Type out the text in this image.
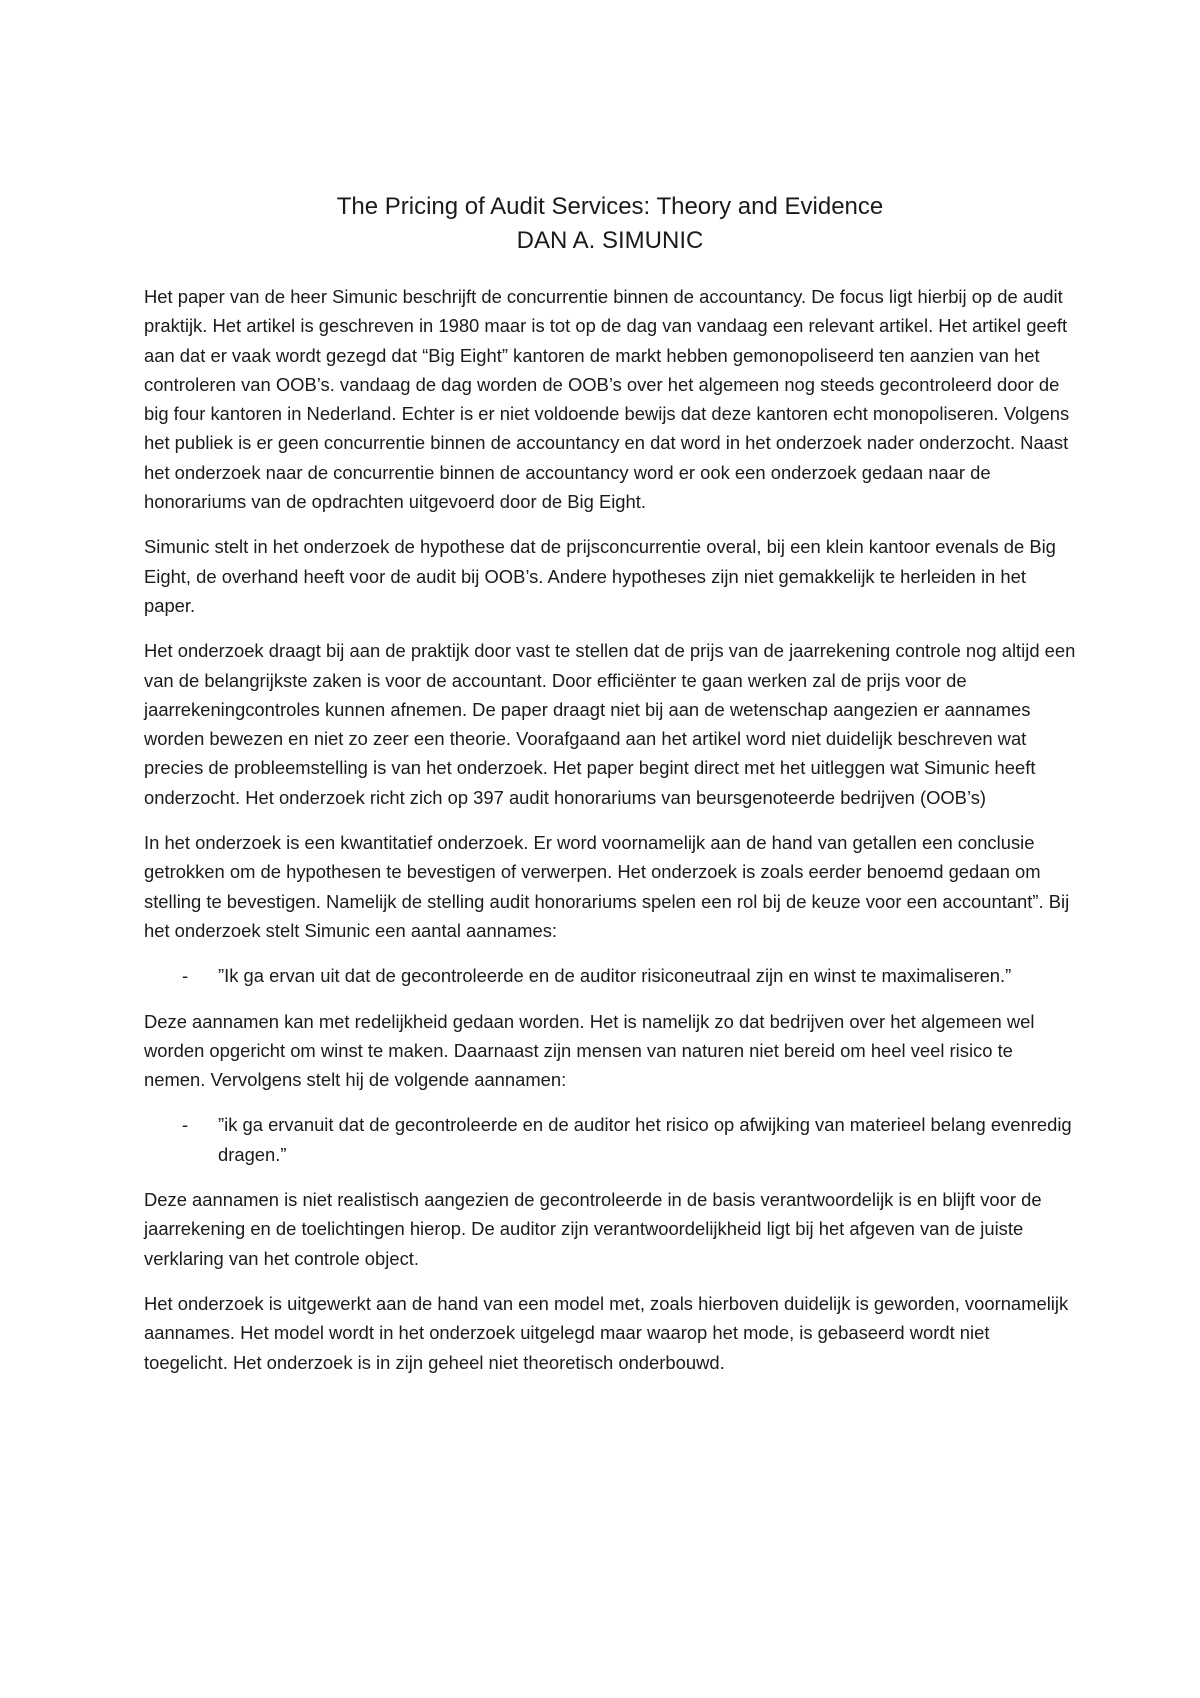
The Pricing of Audit Services: Theory and Evidence
DAN A. SIMUNIC

Het paper van de heer Simunic beschrijft de concurrentie binnen de accountancy. De focus ligt hierbij op de audit praktijk. Het artikel is geschreven in 1980 maar is tot op de dag van vandaag een relevant artikel. Het artikel geeft aan dat er vaak wordt gezegd dat “Big Eight” kantoren de markt hebben gemonopoliseerd ten aanzien van het controleren van OOB’s. vandaag de dag worden de OOB’s over het algemeen nog steeds gecontroleerd door de big four kantoren in Nederland. Echter is er niet voldoende bewijs dat deze kantoren echt monopoliseren. Volgens het publiek is er geen concurrentie binnen de accountancy en dat word in het onderzoek nader onderzocht. Naast het onderzoek naar de concurrentie binnen de accountancy word er ook een onderzoek gedaan naar de honorariums van de opdrachten uitgevoerd door de Big Eight.

Simunic stelt in het onderzoek de hypothese dat de prijsconcurrentie overal, bij een klein kantoor evenals de Big Eight, de overhand heeft voor de audit bij OOB’s. Andere hypotheses zijn niet gemakkelijk te herleiden in het paper.

Het onderzoek draagt bij aan de praktijk door vast te stellen dat de prijs van de jaarrekening controle nog altijd een van de belangrijkste zaken is voor de accountant. Door efficiënter te gaan werken zal de prijs voor de jaarrekeningcontroles kunnen afnemen. De paper draagt niet bij aan de wetenschap aangezien er aannames worden bewezen en niet zo zeer een theorie. Voorafgaand aan het artikel word niet duidelijk beschreven wat precies de probleemstelling is van het onderzoek. Het paper begint direct met het uitleggen wat Simunic heeft onderzocht. Het onderzoek richt zich op 397 audit honorariums van beursgenoteerde bedrijven (OOB’s)

In het onderzoek is een kwantitatief onderzoek. Er word voornamelijk aan de hand van getallen een conclusie getrokken om de hypothesen te bevestigen of verwerpen. Het onderzoek is zoals eerder benoemd gedaan om stelling te bevestigen. Namelijk de stelling audit honorariums spelen een rol bij de keuze voor een accountant”. Bij het onderzoek stelt Simunic een aantal aannames:

- ”Ik ga ervan uit dat de gecontroleerde en de auditor risiconeutraal zijn en winst te maximaliseren.”

Deze aannamen kan met redelijkheid gedaan worden. Het is namelijk zo dat bedrijven over het algemeen wel worden opgericht om winst te maken. Daarnaast zijn mensen van naturen niet bereid om heel veel risico te nemen. Vervolgens stelt hij de volgende aannamen:

- ”ik ga ervanuit dat de gecontroleerde en de auditor het risico op afwijking van materieel belang evenredig dragen.”

Deze aannamen is niet realistisch aangezien de gecontroleerde in de basis verantwoordelijk is en blijft voor de jaarrekening en de toelichtingen hierop. De auditor zijn verantwoordelijkheid ligt bij het afgeven van de juiste verklaring van het controle object.

Het onderzoek is uitgewerkt aan de hand van een model met, zoals hierboven duidelijk is geworden, voornamelijk aannames. Het model wordt in het onderzoek uitgelegd maar waarop het mode, is gebaseerd wordt niet toegelicht. Het onderzoek is in zijn geheel niet theoretisch onderbouwd.
